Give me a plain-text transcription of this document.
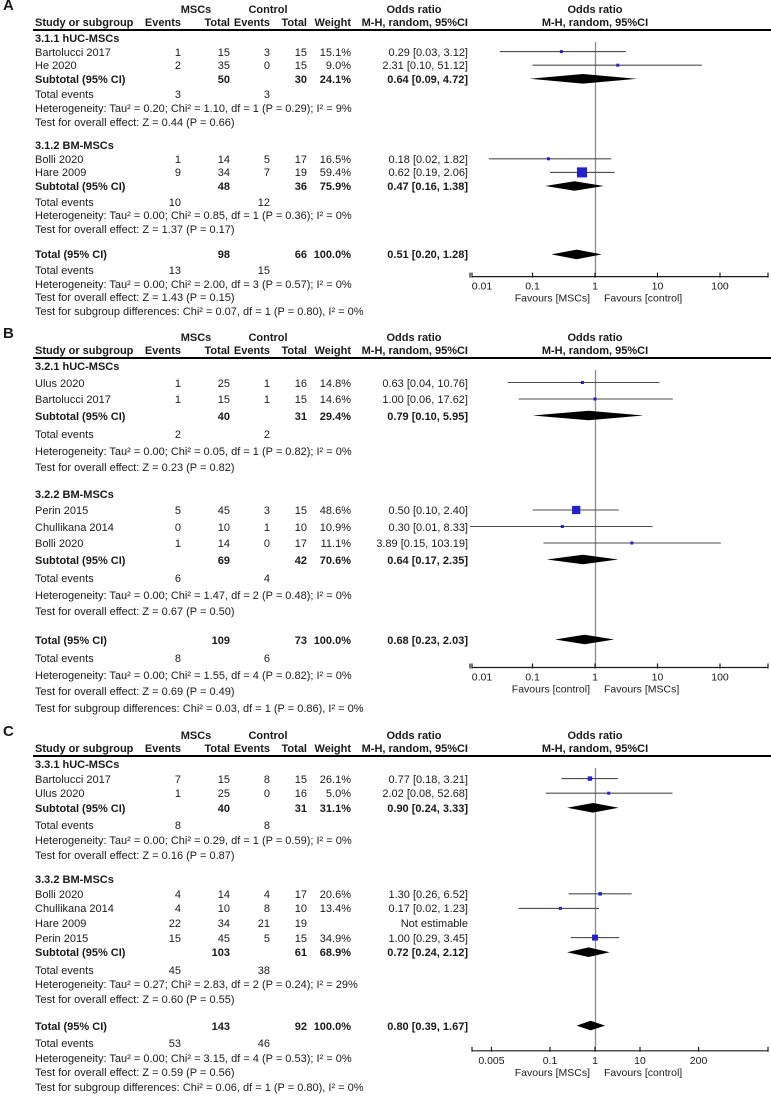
A	MSCs	Control	Odds ratio	Odds ratio
Study or subgroup	Events	Total Events	Total Weight M-H, random, 95%CI	M-H, random, 95%CI
3.1.1 hUC-MSCs
Bartolucci 2017	1	15	3	15	15.1%	0.29 [0.03, 3.12]
He 2020	2	35	0	15	9.0%	2.31 [0.10, 51.12]
Subtotal (95% CI)	50	30	24.1%	0.64 [0.09, 4.72]
Total events	3	3
Heterogeneity: Tau² = 0.20; Chi² = 1.10, df = 1 (P = 0.29); I² = 9%
Test for overall effect: Z = 0.44 (P = 0.66)
3.1.2 BM-MSCs
Bolli 2020	1	14	5	17	16.5%	0.18 [0.02, 1.82]
Hare 2009	9	34	7	19	59.4%	0.62 [0.19, 2.06]
Subtotal (95% CI)	48	36	75.9%	0.47 [0.16, 1.38]
Total events	10	12
Heterogeneity: Tau² = 0.00; Chi² = 0.85, df = 1 (P = 0.36); I² = 0%
Test for overall effect: Z = 1.37 (P = 0.17)
Total (95% CI)	98	66 100.0%	0.51 [0.20, 1.28]
Total events	13	15
Heterogeneity: Tau² = 0.00; Chi² = 2.00, df = 3 (P = 0.57); I² = 0%
Test for overall effect: Z = 1.43 (P = 0.15)
Test for subgroup differences: Chi² = 0.07, df = 1 (P = 0.80), I² = 0%
0.01	0.1	1	10	100
Favours [MSCs] Favours [control]
B	MSCs	Control	Odds ratio	Odds ratio
Study or subgroup	Events	Total Events	Total Weight M-H, random, 95%CI	M-H, random, 95%CI
3.2.1 hUC-MSCs
Ulus 2020	1	25	1	16	14.8%	0.63 [0.04, 10.76]
Bartolucci 2017	1	15	1	15	14.6%	1.00 [0.06, 17.62]
Subtotal (95% CI)	40	31	29.4%	0.79 [0.10, 5.95]
Total events	2	2
Heterogeneity: Tau² = 0.00; Chi² = 0.05, df = 1 (P = 0.82); I² = 0%
Test for overall effect: Z = 0.23 (P = 0.82)
3.2.2 BM-MSCs
Perin 2015	5	45	3	15	48.6%	0.50 [0.10, 2.40]
Chullikana 2014	0	10	1	10	10.9%	0.30 [0.01, 8.33]
Bolli 2020	1	14	0	17	11.1%	3.89 [0.15, 103.19]
Subtotal (95% CI)	69	42	70.6%	0.64 [0.17, 2.35]
Total events	6	4
Heterogeneity: Tau² = 0.00; Chi² = 1.47, df = 2 (P = 0.48); I² = 0%
Test for overall effect: Z = 0.67 (P = 0.50)
Total (95% CI)	109	73 100.0%	0.68 [0.23, 2.03]
Total events	8	6
Heterogeneity: Tau² = 0.00; Chi² = 1.55, df = 4 (P = 0.82); I² = 0%
Test for overall effect: Z = 0.69 (P = 0.49)
Test for subgroup differences: Chi² = 0.03, df = 1 (P = 0.86), I² = 0%
0.01	0.1	1	10	100
Favours [control] Favours [MSCs]
C	MSCs	Control	Odds ratio	Odds ratio
Study or subgroup	Events	Total Events	Total Weight M-H, random, 95%CI	M-H, random, 95%CI
3.3.1 hUC-MSCs
Bartolucci 2017	7	15	8	15	26.1%	0.77 [0.18, 3.21]
Ulus 2020	1	25	0	16	5.0%	2.02 [0.08, 52.68]
Subtotal (95% CI)	40	31	31.1%	0.90 [0.24, 3.33]
Total events	8	8
Heterogeneity: Tau² = 0.00; Chi² = 0.29, df = 1 (P = 0.59); I² = 0%
Test for overall effect: Z = 0.16 (P = 0.87)
3.3.2 BM-MSCs
Bolli 2020	4	14	4	17	20.6%	1.30 [0.26, 6.52]
Chullikana 2014	4	10	8	10	13.4%	0.17 [0.02, 1.23]
Hare 2009	22	34	21	19	Not estimable
Perin 2015	15	45	5	15	34.9%	1.00 [0.29, 3.45]
Subtotal (95% CI)	103	61	68.9%	0.72 [0.24, 2.12]
Total events	45	38
Heterogeneity: Tau² = 0.27; Chi² = 2.83, df = 2 (P = 0.24); I² = 29%
Test for overall effect: Z = 0.60 (P = 0.55)
Total (95% CI)	143	92 100.0%	0.80 [0.39, 1.67]
Total events	53	46
Heterogeneity: Tau² = 0.00; Chi² = 3.15, df = 4 (P = 0.53); I² = 0%
Test for overall effect: Z = 0.59 (P = 0.56)
Test for subgroup differences: Chi² = 0.06, df = 1 (P = 0.80), I² = 0%
0.005	0.1	1	10	200
Favours [MSCs] Favours [control]
